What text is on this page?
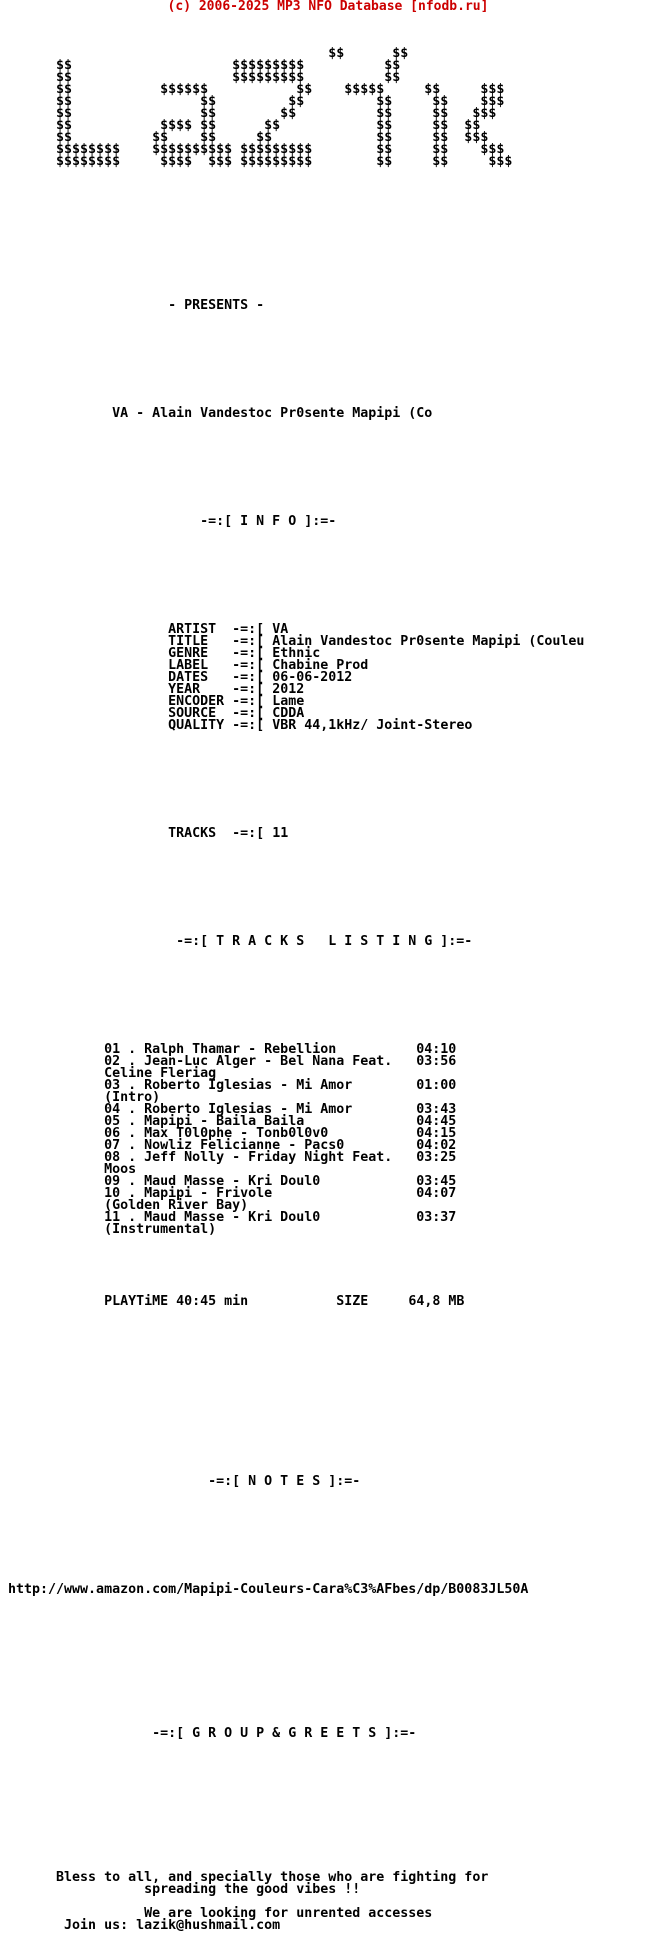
(c) 2006-2025 MP3 NFO Database [nfodb.ru]

$$      $$
$$                    $$$$$$$$$          $$
$$                    $$$$$$$$$          $$
$$           $$$$$$           $$    $$$$$     $$     $$$
$$                $$         $$         $$     $$    $$$
$$                $$        $$          $$     $$   $$$
$$           $$$$ $$      $$            $$     $$  $$
$$          $$    $$     $$             $$     $$  $$$
$$$$$$$$    $$$$$$$$$$ $$$$$$$$$        $$     $$    $$$
$$$$$$$$     $$$$  $$$ $$$$$$$$$        $$     $$     $$$

- PRESENTS -

VA - Alain Vandestoc Pr0sente Mapipi (Co

-=:[ I N F O ]:=-

ARTIST  -=:[ VA
TITLE   -=:[ Alain Vandestoc Pr0sente Mapipi (Couleu
GENRE   -=:[ Ethnic
LABEL   -=:[ Chabine Prod
DATES   -=:[ 06-06-2012
YEAR    -=:[ 2012
ENCODER -=:[ Lame
SOURCE  -=:[ CDDA
QUALITY -=:[ VBR 44,1kHz/ Joint-Stereo

TRACKS  -=:[ 11

-=:[ T R A C K S   L I S T I N G ]:=-

01 . Ralph Thamar - Rebellion          04:10
02 . Jean-Luc Alger - Bel Nana Feat.   03:56
Celine Fleriag
03 . Roberto Iglesias - Mi Amor        01:00
(Intro)
04 . Roberto Iglesias - Mi Amor        03:43
05 . Mapipi - Baila Baila              04:45
06 . Max T0l0phe - Tonb0l0v0           04:15
07 . Nowliz Felicianne - Pacs0         04:02
08 . Jeff Nolly - Friday Night Feat.   03:25
Moos
09 . Maud Masse - Kri Doul0            03:45
10 . Mapipi - Frivole                  04:07
(Golden River Bay)
11 . Maud Masse - Kri Doul0            03:37
(Instrumental)

PLAYTiME 40:45 min	SIZE	64,8 MB

-=:[ N O T E S ]:=-

http://www.amazon.com/Mapipi-Couleurs-Cara%C3%AFbes/dp/B0083JL50A

-=:[ G R O U P & G R E E T S ]:=-

Bless to all, and specially those who are fighting for
spreading the good vibes !!

We are looking for unrented accesses
Join us: lazik@hushmail.com
